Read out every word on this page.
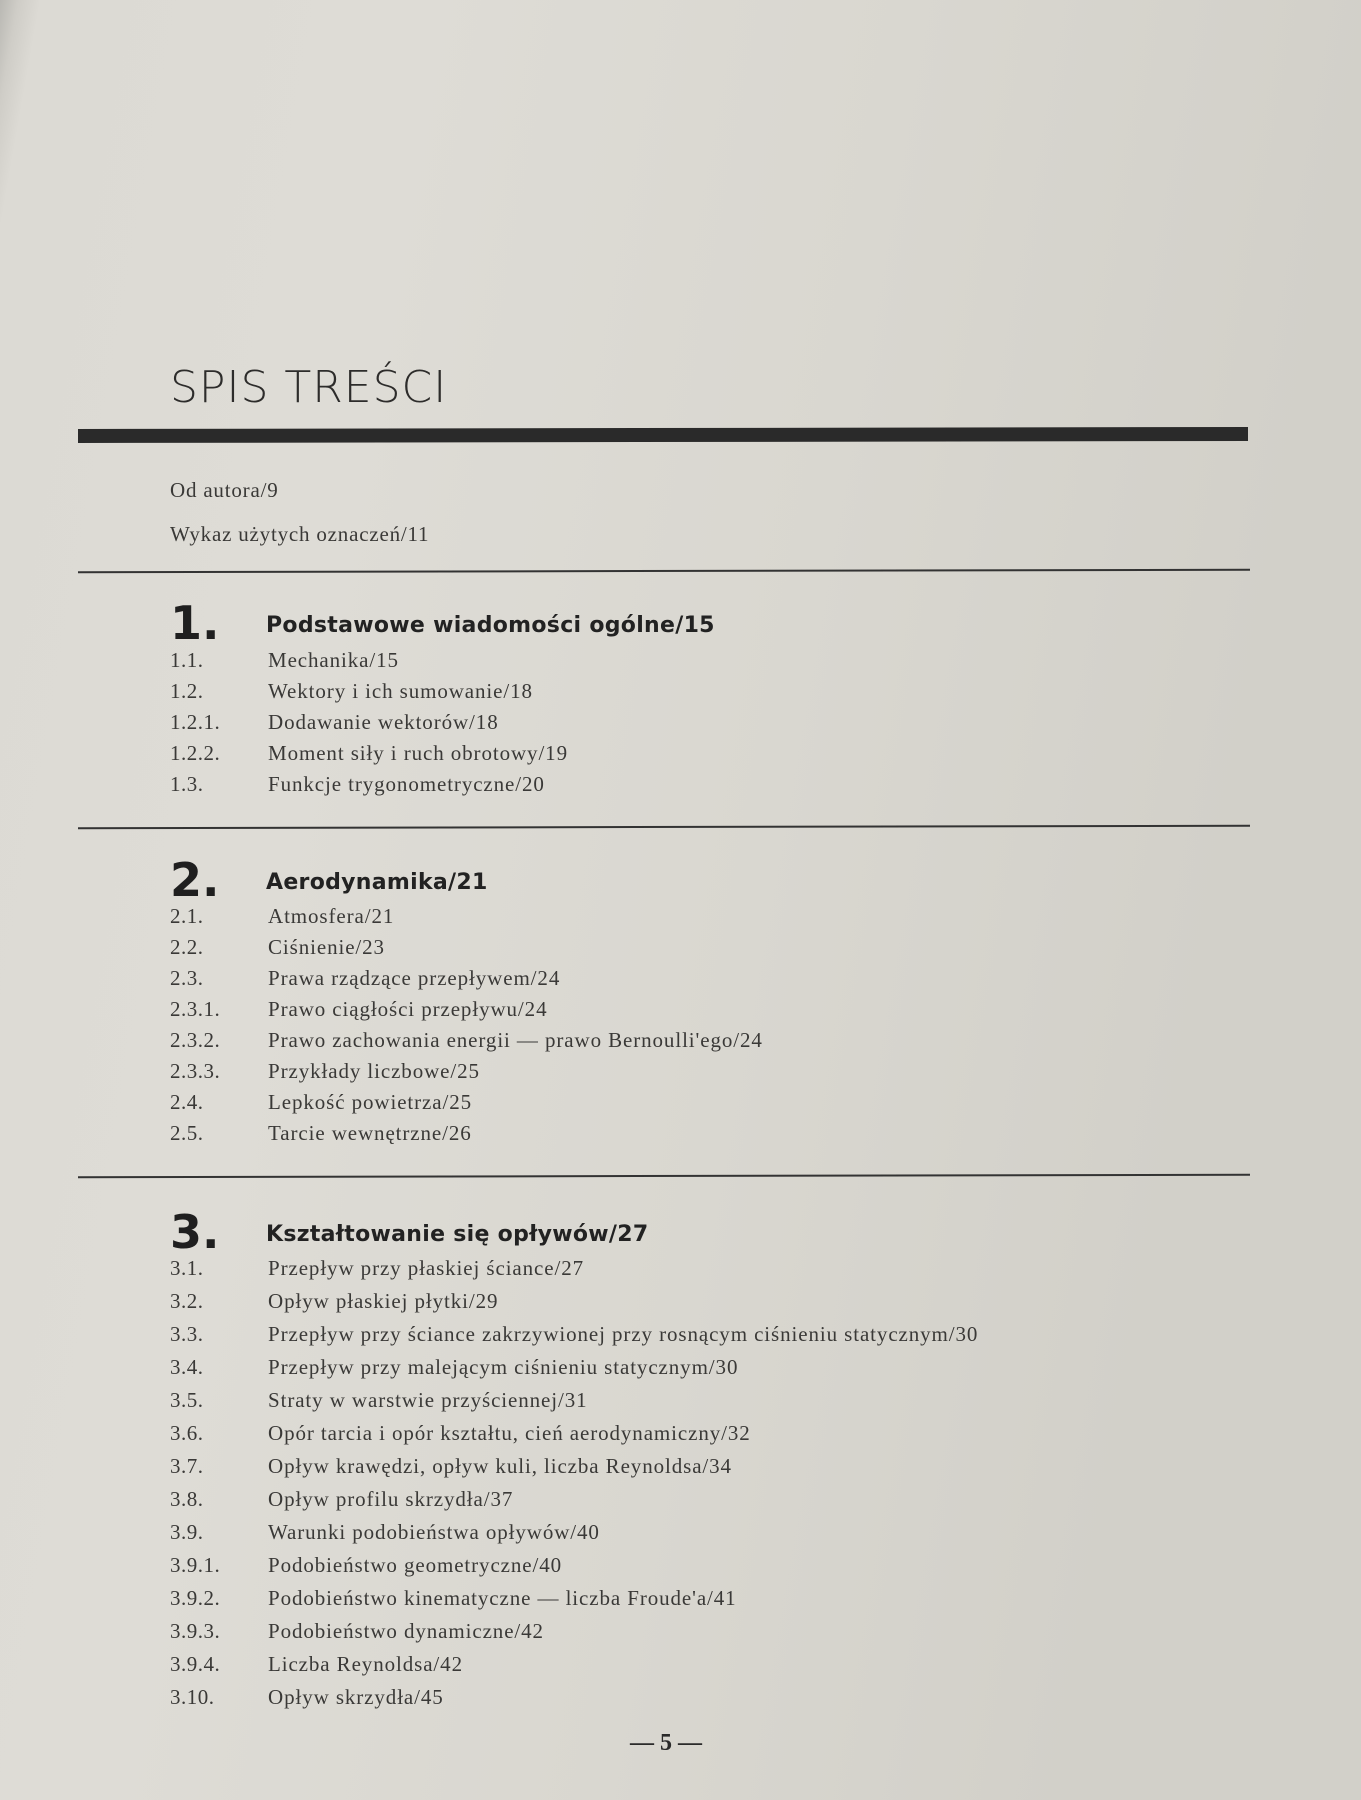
SPIS TREŚCI
Od autora/9
Wykaz użytych oznaczeń/11
1. Podstawowe wiadomości ogólne/15
1.1.	Mechanika/15
1.2.	Wektory i ich sumowanie/18
1.2.1. Dodawanie wektorów/18
1.2.2. Moment siły i ruch obrotowy/19
1.3.	Funkcje trygonometryczne/20
2. Aerodynamika/21
2.1.	Atmosfera/21
2.2.	Ciśnienie/23
2.3.	Prawa rządzące przepływem/24
2.3.1. Prawo ciągłości przepływu/24
2.3.2. Prawo zachowania energii — prawo Bernoulli'ego/24
2.3.3. Przykłady liczbowe/25
2.4.	Lepkość powietrza/25
2.5.	Tarcie wewnętrzne/26
3. Kształtowanie się opływów/27
3.1.	Przepływ przy płaskiej ściance/27
3.2.	Opływ płaskiej płytki/29
3.3.	Przepływ przy ściance zakrzywionej przy rosnącym ciśnieniu statycznym/30
3.4.	Przepływ przy malejącym ciśnieniu statycznym/30
3.5.	Straty w warstwie przyściennej/31
3.6.	Opór tarcia i opór kształtu, cień aerodynamiczny/32
3.7.	Opływ krawędzi, opływ kuli, liczba Reynoldsa/34
3.8.	Opływ profilu skrzydła/37
3.9.	Warunki podobieństwa opływów/40
3.9.1. Podobieństwo geometryczne/40
3.9.2. Podobieństwo kinematyczne — liczba Froude'a/41
3.9.3. Podobieństwo dynamiczne/42
3.9.4. Liczba Reynoldsa/42
3.10.	Opływ skrzydła/45
— 5 —
